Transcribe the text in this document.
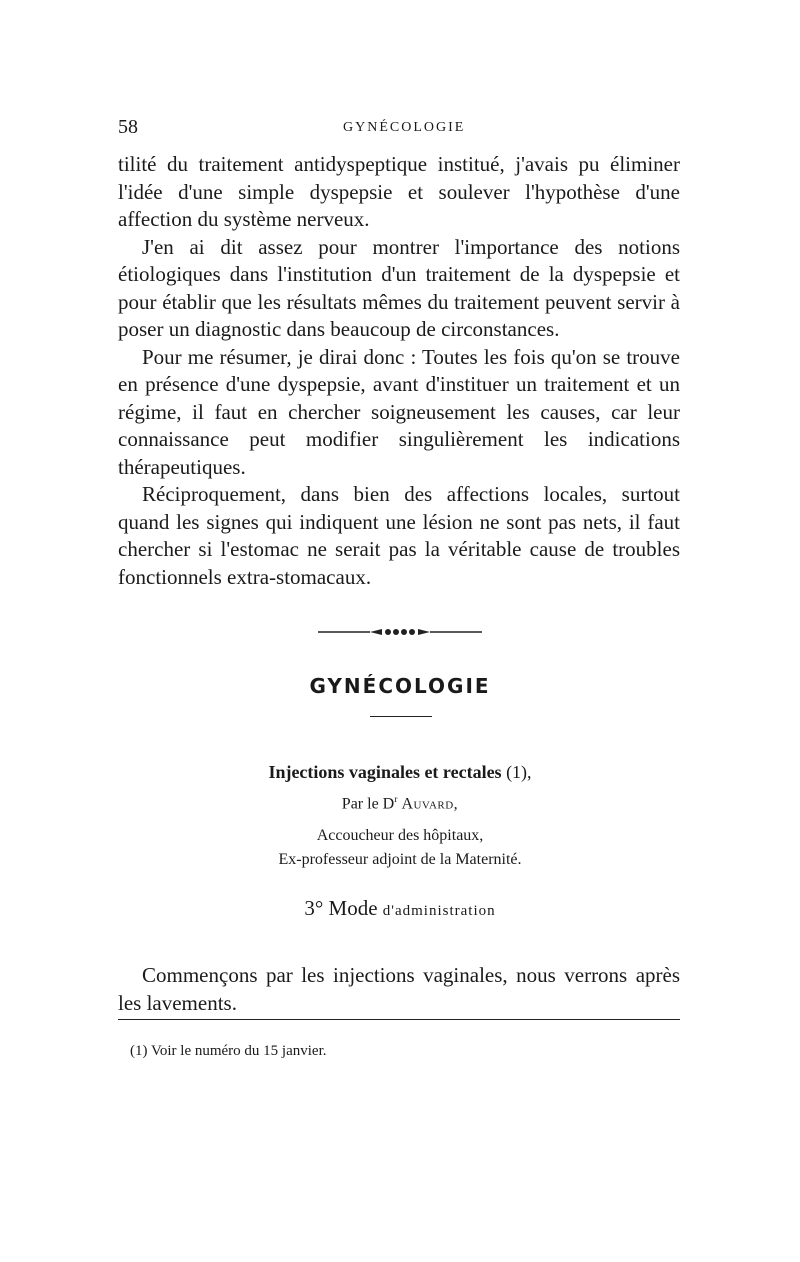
58	GYNÉCOLOGIE

tilité du traitement antidyspeptique institué, j'avais pu éliminer l'idée d'une simple dyspepsie et soulever l'hypothèse d'une affection du système nerveux.

J'en ai dit assez pour montrer l'importance des notions étiologiques dans l'institution d'un traitement de la dyspepsie et pour établir que les résultats mêmes du traitement peuvent servir à poser un diagnostic dans beaucoup de circonstances.

Pour me résumer, je dirai donc : Toutes les fois qu'on se trouve en présence d'une dyspepsie, avant d'instituer un traitement et un régime, il faut en chercher soigneusement les causes, car leur connaissance peut modifier singulièrement les indications thérapeutiques.

Réciproquement, dans bien des affections locales, surtout quand les signes qui indiquent une lésion ne sont pas nets, il faut chercher si l'estomac ne serait pas la véritable cause de troubles fonctionnels extra-stomacaux.

GYNÉCOLOGIE
Injections vaginales et rectales (1),
Par le $D^r$ Auvard,
Accoucheur des hôpitaux,
Ex-professeur adjoint de la Maternité.
3° Mode d'administration

Commençons par les injections vaginales, nous verrons après les lavements.

(1) Voir le numéro du 15 janvier.
